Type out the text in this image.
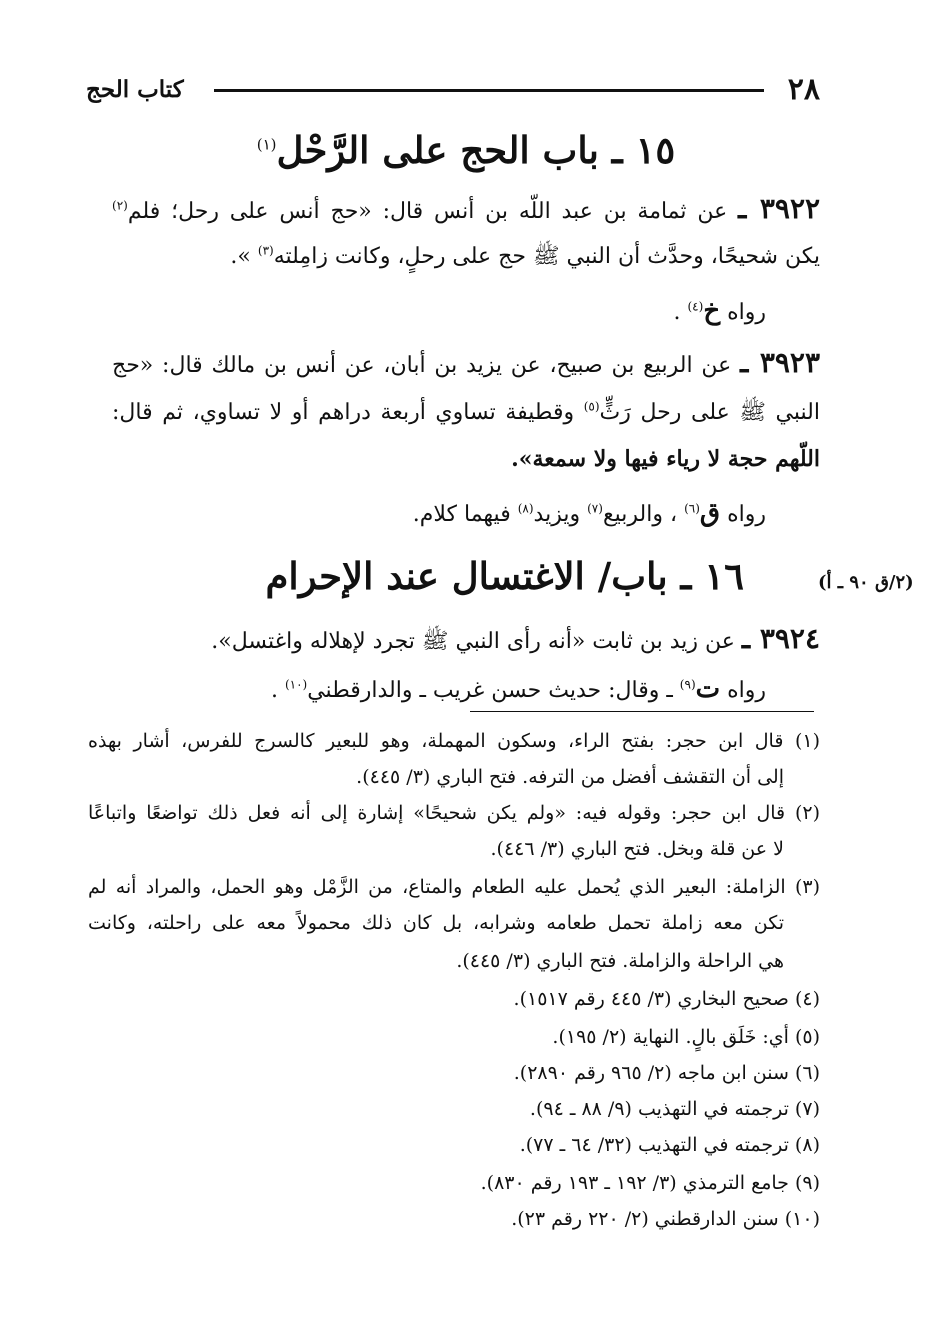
٢٨
كتاب الحج
١٥ ـ باب الحج على الرَّحْل$^{(١)}$
٣٩٢٢ ـ عن ثمامة بن عبد اللّه بن أنس قال: «حج أنس على رحل؛ فلم$^{(٢)}$
يكن شحيحًا، وحدَّث أن النبي ﷺ حج على رحلٍ، وكانت زامِلته$^{(٣)}$ ».
رواه خ$^{(٤)}$ .
٣٩٢٣ ـ عن الربيع بن صبيح، عن يزيد بن أبان، عن أنس بن مالك قال: «حج
النبي ﷺ على رحل رَثٍّ$^{(٥)}$ وقطيفة تساوي أربعة دراهم أو لا تساوي، ثم قال:
اللّهم حجة لا رياء فيها ولا سمعة».
رواه ق$^{(٦)}$ ، والربيع$^{(٧)}$ ويزيد$^{(٨)}$ فيهما كلام.
(٢/ق ٩٠ ـ أ)
١٦ ـ باب/ الاغتسال عند الإحرام
٣٩٢٤ ـ عن زيد بن ثابت «أنه رأى النبي ﷺ تجرد لإهلاله واغتسل».
رواه ت$^{(٩)}$ ـ وقال: حديث حسن غريب ـ والدارقطني$^{(١٠)}$ .
(١) قال ابن حجر: بفتح الراء، وسكون المهملة، وهو للبعير كالسرج للفرس، أشار بهذه
إلى أن التقشف أفضل من الترفه. فتح الباري (٣/ ٤٤٥).
(٢) قال ابن حجر: وقوله فيه: «ولم يكن شحيحًا» إشارة إلى أنه فعل ذلك تواضعًا واتباعًا
لا عن قلة وبخل. فتح الباري (٣/ ٤٤٦).
(٣) الزاملة: البعير الذي يُحمل عليه الطعام والمتاع، من الزَّمْل وهو الحمل، والمراد أنه لم
تكن معه زاملة تحمل طعامه وشرابه، بل كان ذلك محمولاً معه على راحلته، وكانت
هي الراحلة والزاملة. فتح الباري (٣/ ٤٤٥).
(٤) صحيح البخاري (٣/ ٤٤٥ رقم ١٥١٧).
(٥) أي: خَلَق بالٍ. النهاية (٢/ ١٩٥).
(٦) سنن ابن ماجه (٢/ ٩٦٥ رقم ٢٨٩٠).
(٧) ترجمته في التهذيب (٩/ ٨٨ ـ ٩٤).
(٨) ترجمته في التهذيب (٣٢/ ٦٤ ـ ٧٧).
(٩) جامع الترمذي (٣/ ١٩٢ ـ ١٩٣ رقم ٨٣٠).
(١٠) سنن الدارقطني (٢/ ٢٢٠ رقم ٢٣).
